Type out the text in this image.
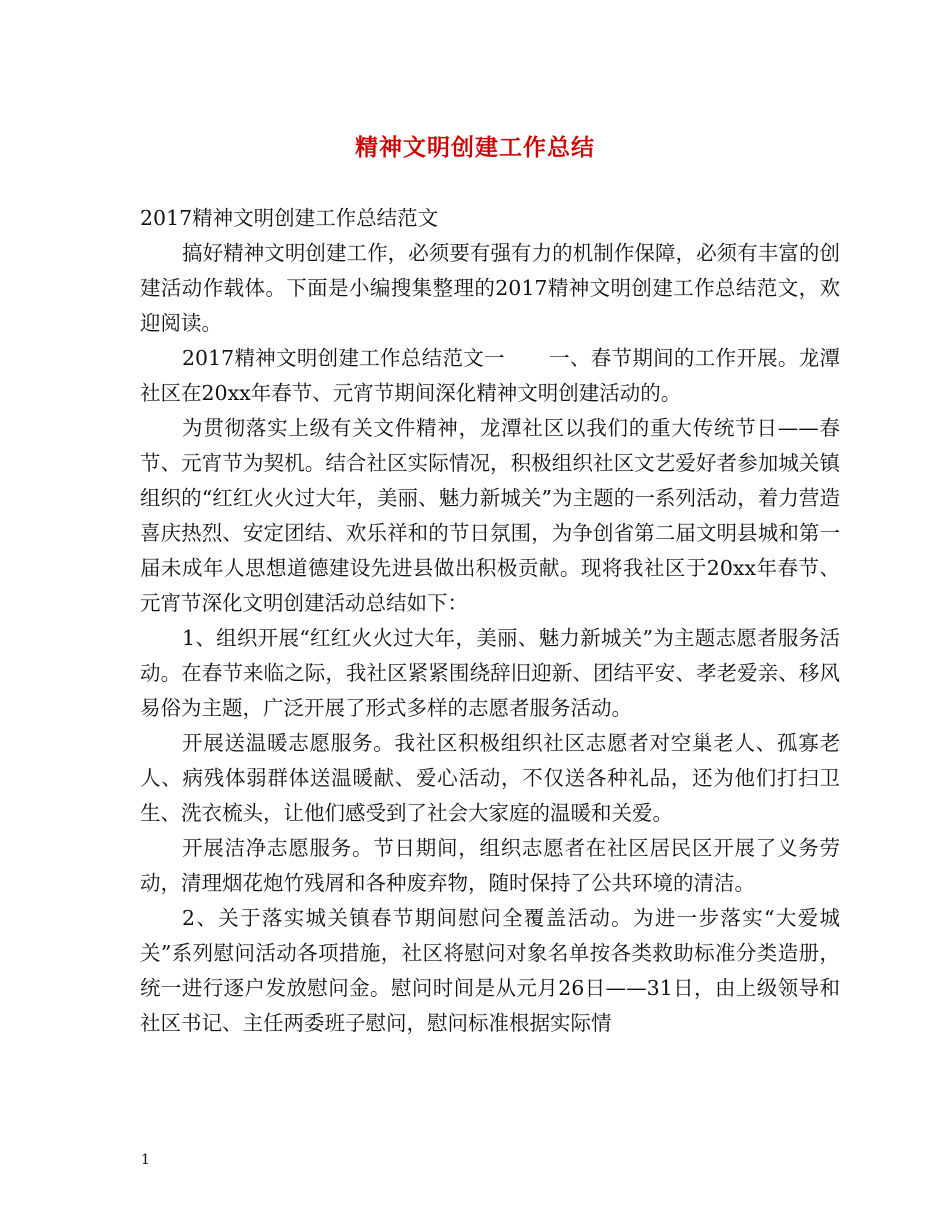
精神文明创建工作总结

2017精神文明创建工作总结范文

搞好精神文明创建工作，必须要有强有力的机制作保障，必须有丰富的创建活动作载体。下面是小编搜集整理的2017精神文明创建工作总结范文，欢迎阅读。

2017精神文明创建工作总结范文一 一、春节期间的工作开展。龙潭社区在20xx年春节、元宵节期间深化精神文明创建活动的。

为贯彻落实上级有关文件精神，龙潭社区以我们的重大传统节日——春节、元宵节为契机。结合社区实际情况，积极组织社区文艺爱好者参加城关镇组织的“红红火火过大年，美丽、魅力新城关”为主题的一系列活动，着力营造喜庆热烈、安定团结、欢乐祥和的节日氛围，为争创省第二届文明县城和第一届未成年人思想道德建设先进县做出积极贡献。现将我社区于20xx年春节、元宵节深化文明创建活动总结如下：

1、组织开展“红红火火过大年，美丽、魅力新城关”为主题志愿者服务活动。在春节来临之际，我社区紧紧围绕辞旧迎新、团结平安、孝老爱亲、移风易俗为主题，广泛开展了形式多样的志愿者服务活动。

开展送温暖志愿服务。我社区积极组织社区志愿者对空巢老人、孤寡老人、病残体弱群体送温暖献、爱心活动，不仅送各种礼品，还为他们打扫卫生、洗衣梳头，让他们感受到了社会大家庭的温暖和关爱。

开展洁净志愿服务。节日期间，组织志愿者在社区居民区开展了义务劳动，清理烟花炮竹残屑和各种废弃物，随时保持了公共环境的清洁。

2、关于落实城关镇春节期间慰问全覆盖活动。为进一步落实“大爱城关”系列慰问活动各项措施，社区将慰问对象名单按各类救助标准分类造册，统一进行逐户发放慰问金。慰问时间是从元月26日——31日，由上级领导和社区书记、主任两委班子慰问，慰问标准根据实际情

1
